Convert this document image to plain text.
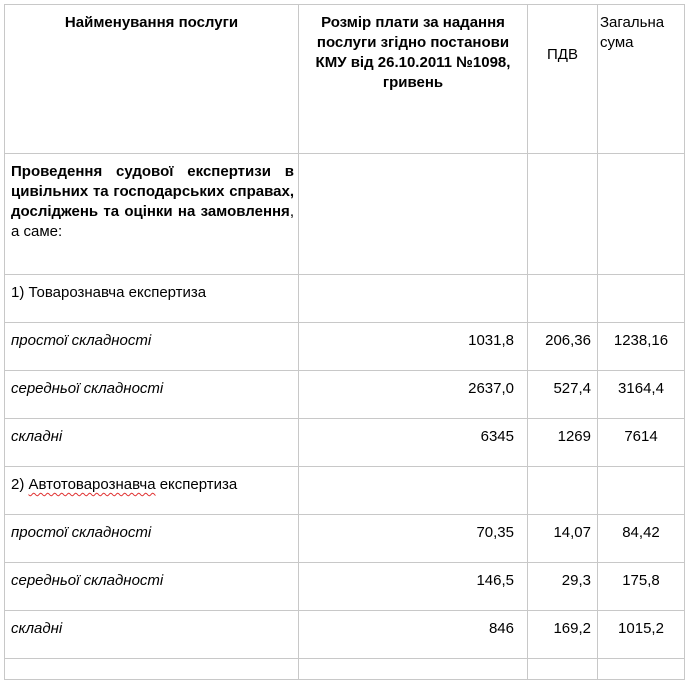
Найменування послуги	Розмір плати за надання послуги згідно постанови КМУ від 26.10.2011 №1098, гривень	ПДВ	Загальна сума

Проведення судової експертизи в цивільних та господарських справах, досліджень та оцінки на замовлення, а саме:			
1) Товарознавча експертиза			
простої складності	1031,8	206,36	1238,16
середньої складності	2637,0	527,4	3164,4
складні	6345	1269	7614
2) Автотоварознавча експертиза			
простої складності	70,35	14,07	84,42
середньої складності	146,5	29,3	175,8
складні	846	169,2	1015,2
